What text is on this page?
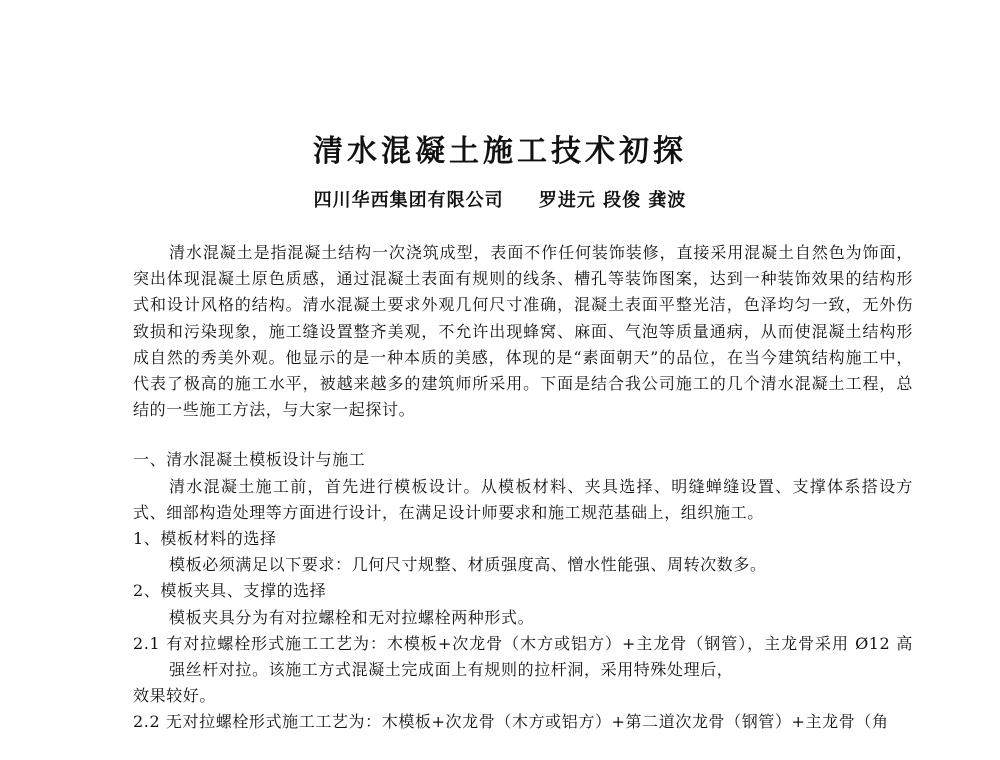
清水混凝土施工技术初探

四川华西集团有限公司 罗进元 段俊 龚波

清水混凝土是指混凝土结构一次浇筑成型，表面不作任何装饰装修，直接采用混凝土自然色为饰面，突出体现混凝土原色质感，通过混凝土表面有规则的线条、槽孔等装饰图案，达到一种装饰效果的结构形式和设计风格的结构。清水混凝土要求外观几何尺寸准确，混凝土表面平整光洁，色泽均匀一致，无外伤致损和污染现象，施工缝设置整齐美观，不允许出现蜂窝、麻面、气泡等质量通病，从而使混凝土结构形成自然的秀美外观。他显示的是一种本质的美感，体现的是“素面朝天”的品位，在当今建筑结构施工中，代表了极高的施工水平，被越来越多的建筑师所采用。下面是结合我公司施工的几个清水混凝土工程，总结的一些施工方法，与大家一起探讨。

一、清水混凝土模板设计与施工

清水混凝土施工前，首先进行模板设计。从模板材料、夹具选择、明缝蝉缝设置、支撑体系搭设方式、细部构造处理等方面进行设计，在满足设计师要求和施工规范基础上，组织施工。

1、模板材料的选择

模板必须满足以下要求：几何尺寸规整、材质强度高、憎水性能强、周转次数多。

2、模板夹具、支撑的选择

模板夹具分为有对拉螺栓和无对拉螺栓两种形式。

2.1 有对拉螺栓形式施工工艺为：木模板+次龙骨（木方或铝方）+主龙骨（钢管），主龙骨采用 Ø12 高强丝杆对拉。该施工方式混凝土完成面上有规则的拉杆洞，采用特殊处理后，

效果较好。

2.2 无对拉螺栓形式施工工艺为：木模板+次龙骨（木方或铝方）+第二道次龙骨（钢管）+主龙骨（角
